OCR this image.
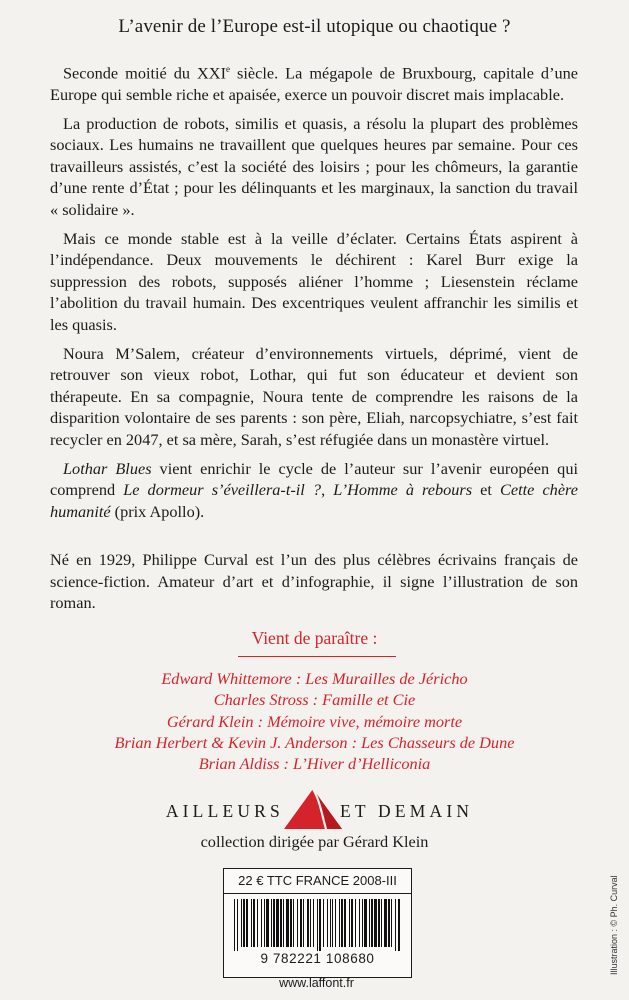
L’avenir de l’Europe est-il utopique ou chaotique ?

Seconde moitié du XXIe siècle. La mégapole de Bruxbourg, capitale d’une Europe qui semble riche et apaisée, exerce un pouvoir discret mais implacable.

La production de robots, similis et quasis, a résolu la plupart des problèmes sociaux. Les humains ne travaillent que quelques heures par semaine. Pour ces travailleurs assistés, c’est la société des loisirs ; pour les chômeurs, la garantie d’une rente d’État ; pour les délinquants et les marginaux, la sanction du travail « solidaire ».

Mais ce monde stable est à la veille d’éclater. Certains États aspirent à l’indépendance. Deux mouvements le déchirent : Karel Burr exige la suppression des robots, supposés aliéner l’homme ; Liesenstein réclame l’abolition du travail humain. Des excentriques veulent affranchir les similis et les quasis.

Noura M’Salem, créateur d’environnements virtuels, déprimé, vient de retrouver son vieux robot, Lothar, qui fut son éducateur et devient son thérapeute. En sa compagnie, Noura tente de comprendre les raisons de la disparition volontaire de ses parents : son père, Eliah, narcopsychiatre, s’est fait recycler en 2047, et sa mère, Sarah, s’est réfugiée dans un monastère virtuel.

Lothar Blues vient enrichir le cycle de l’auteur sur l’avenir européen qui comprend Le dormeur s’éveillera-t-il ?, L’Homme à rebours et Cette chère humanité (prix Apollo).

Né en 1929, Philippe Curval est l’un des plus célèbres écrivains français de science-fiction. Amateur d’art et d’infographie, il signe l’illustration de son roman.

Vient de paraître :
Edward Whittemore : Les Murailles de Jéricho
Charles Stross : Famille et Cie
Gérard Klein : Mémoire vive, mémoire morte
Brian Herbert & Kevin J. Anderson : Les Chasseurs de Dune
Brian Aldiss : L’Hiver d’Helliconia
AILLEURS	ET DEMAIN
collection dirigée par Gérard Klein
22 € TTC FRANCE 2008-III
9 782221 108680
www.laffont.fr
Illustration : © Ph. Curval
